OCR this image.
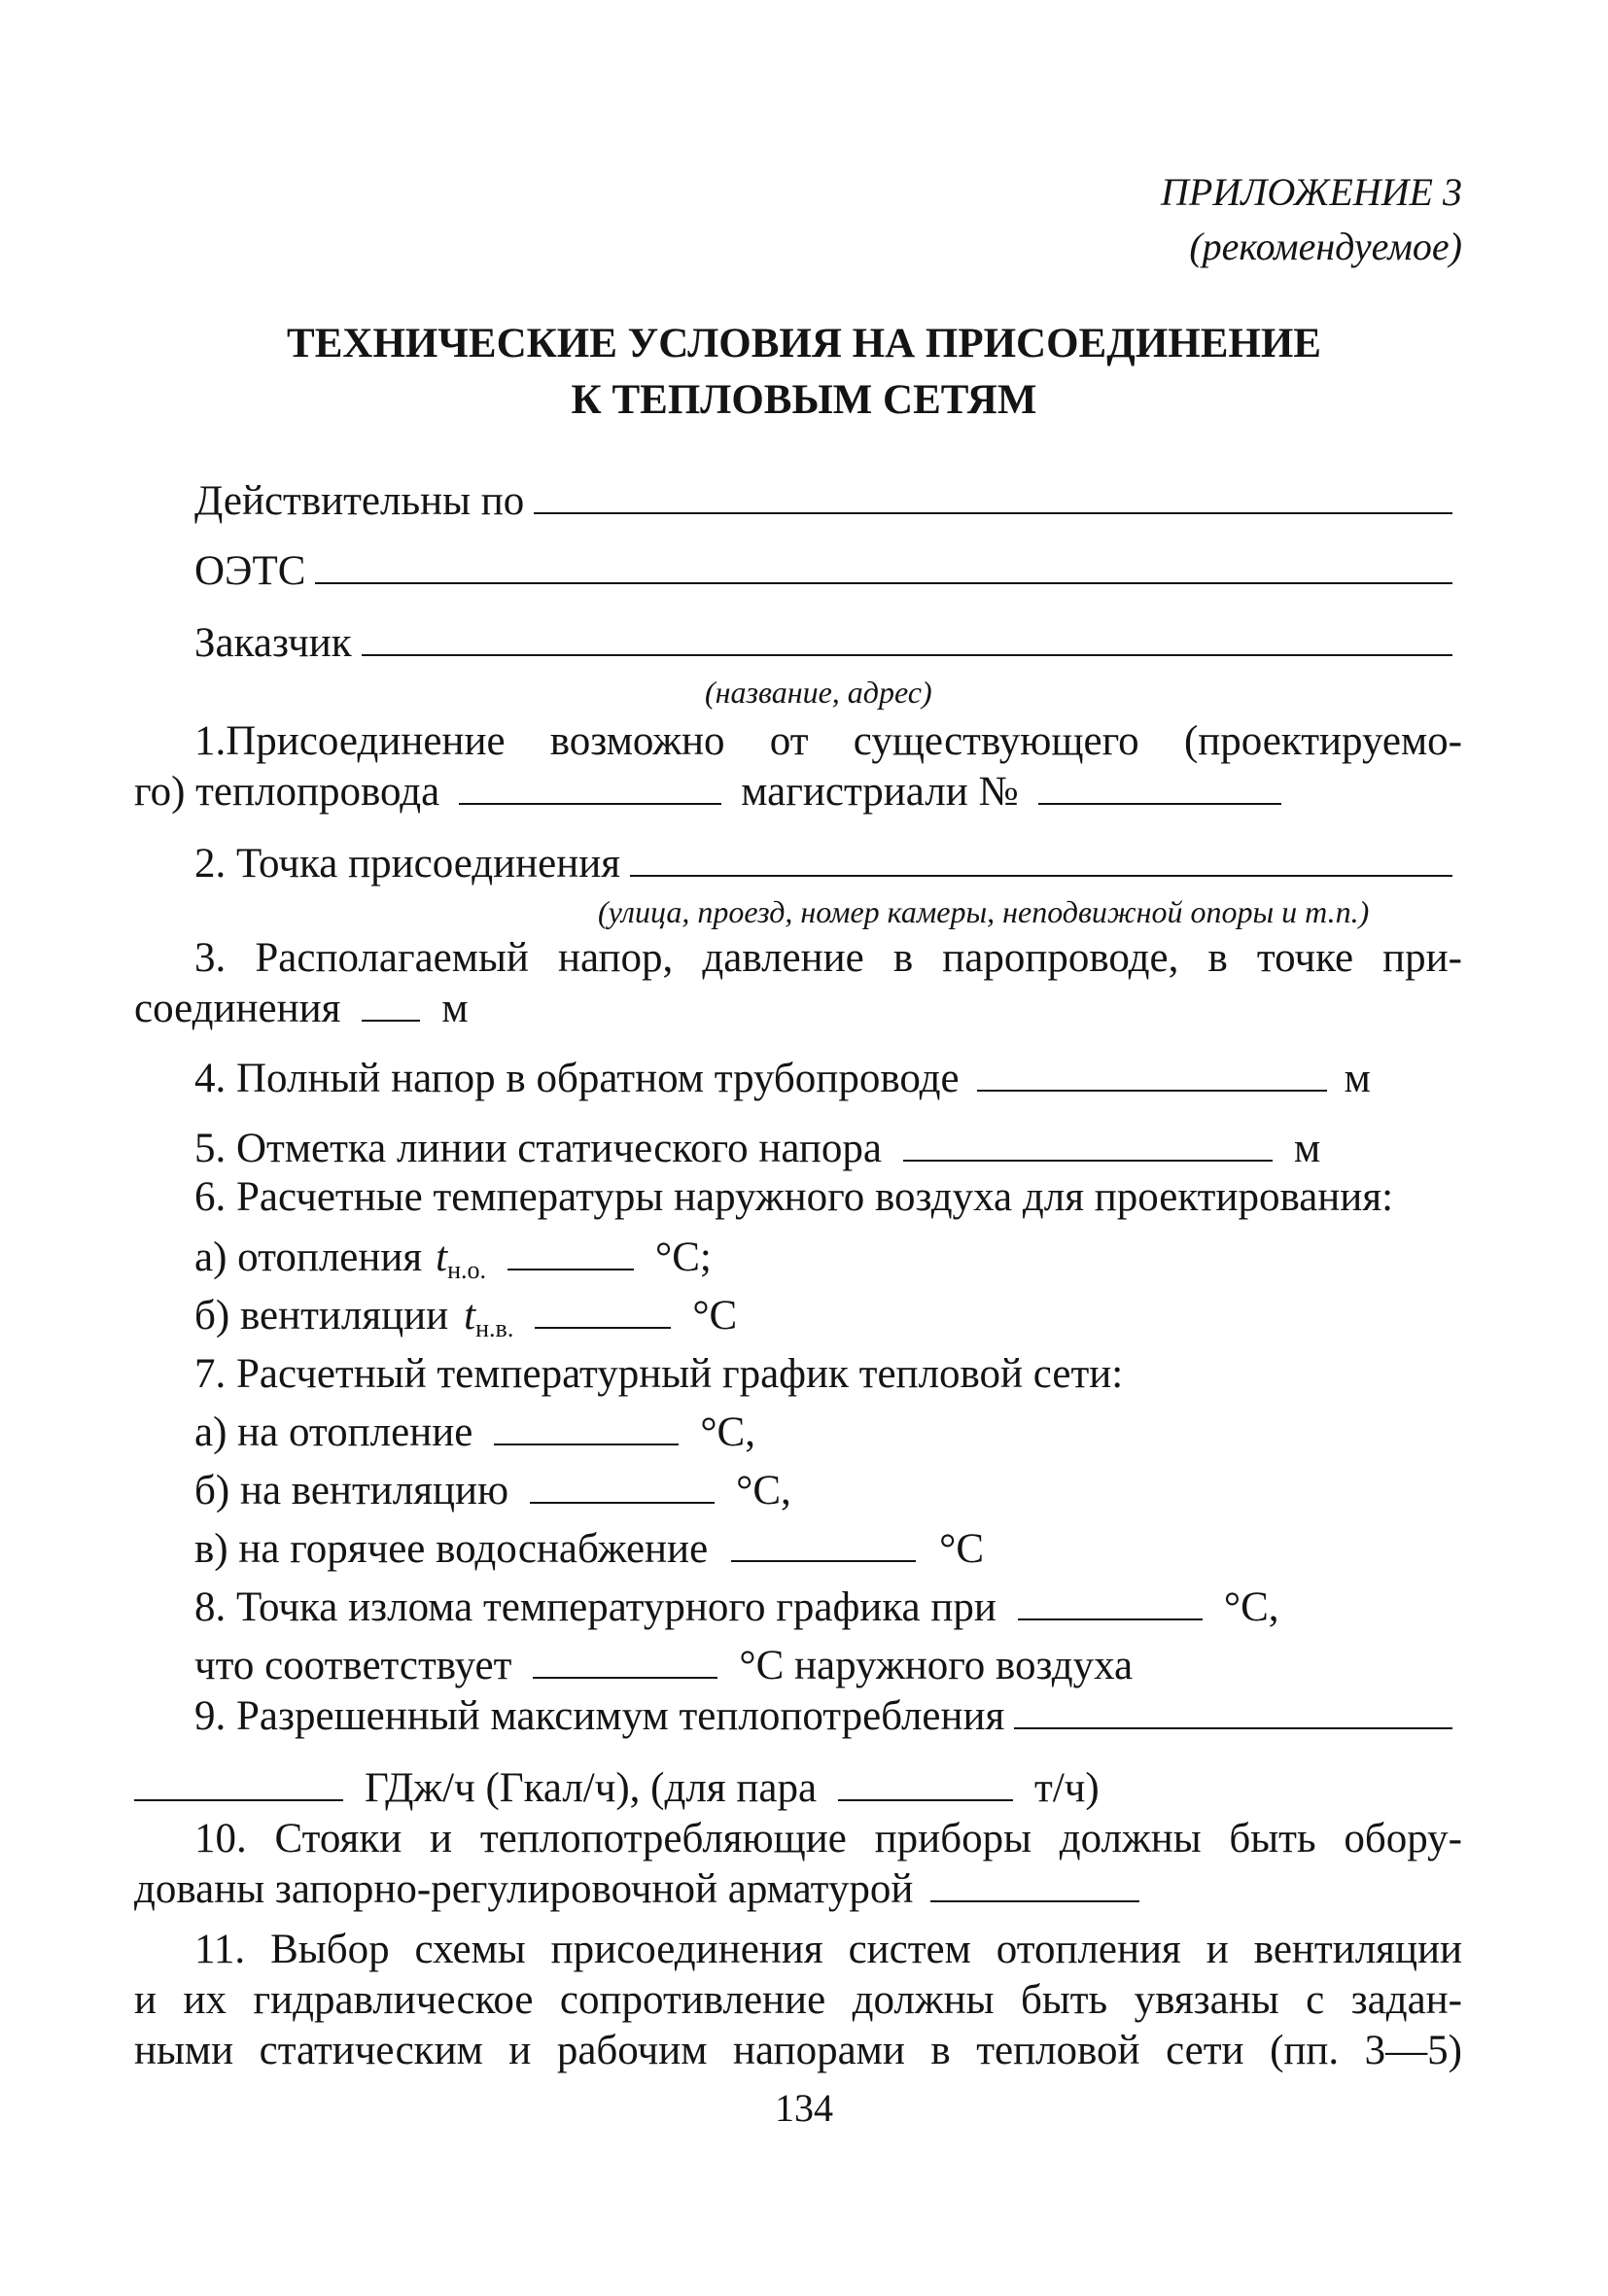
ПРИЛОЖЕНИЕ 3
(рекомендуемое)
ТЕХНИЧЕСКИЕ УСЛОВИЯ НА ПРИСОЕДИНЕНИЕ
К ТЕПЛОВЫМ СЕТЯМ
Действительны по
ОЭТС
Заказчик
(название, адрес)
1.Присоединение возможно от существующего (проектируемо-
го) теплопровода	магистриали №
2. Точка присоединения
(улица, проезд, номер камеры, неподвижной опоры и т.п.)
3. Располагаемый напор, давление в паропроводе, в точке при-
соединения м
4. Полный напор в обратном трубопроводе	м
5. Отметка линии статического напора	м
6. Расчетные температуры наружного воздуха для проектирования:
а) отопления $t_{н.о.}$	°С;
б) вентиляции $t_{н.в.}$	°С
7. Расчетный температурный график тепловой сети:
а) на отопление	°С,
б) на вентиляцию	°С,
в) на горячее водоснабжение	°С
8. Точка излома температурного графика при	°С,
что соответствует	°С наружного воздуха
9. Разрешенный максимум теплопотребления
ГДж/ч (Гкал/ч), (для пара	т/ч)
10. Стояки и теплопотребляющие приборы должны быть обору-
дованы запорно-регулировочной арматурой
11. Выбор схемы присоединения систем отопления и вентиляции
и их гидравлическое сопротивление должны быть увязаны с задан-
ными статическим и рабочим напорами в тепловой сети (пп. 3—5)
134
